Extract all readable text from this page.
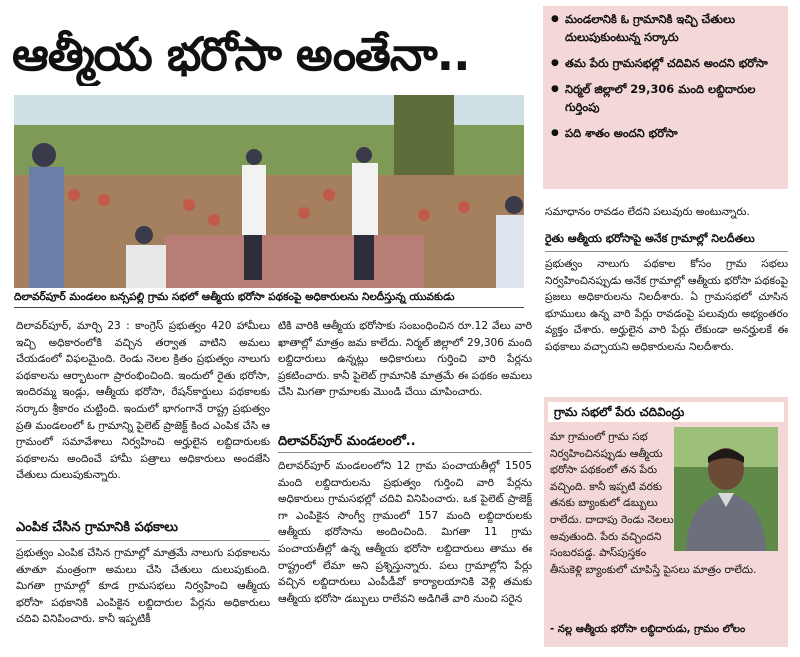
ఆత్మీయ భరోసా అంతేనా..
దిలావర్‌పూర్ మండలం బన్సపల్లి గ్రామ సభలో ఆత్మీయ భరోసా పథకంపై అధికారులను నిలదీస్తున్న యువకుడు

దిలావర్‌పూర్, మార్చి 23 : కాంగ్రెస్ ప్రభుత్వం 420 హామీలు ఇచ్చి అధికారంలోకి వచ్చిన తర్వాత వాటిని అమలు చేయడంలో విఫలమైంది. రెండు నెలల క్రితం ప్రభుత్వం నాలుగు పథకాలను ఆర్భాటంగా ప్రారంభించింది. ఇందులో రైతు భరోసా, ఇందిరమ్మ ఇండ్లు, ఆత్మీయ భరోసా, రేషన్‌కార్డులు పథకాలకు సర్కారు శ్రీకారం చుట్టింది. ఇందులో భాగంగానే రాష్ట్ర ప్రభుత్వం ప్రతి మండలంలో ఓ గ్రామాన్ని పైలెట్ ప్రాజెక్ట్ కింద ఎంపిక చేసి ఆ గ్రామంలో సమావేశాలు నిర్వహించి అర్హులైన లబ్దిదారులకు పథకాలను అందించే హామీ పత్రాలు అధికారులు అందజేసి చేతులు దులుపుకున్నారు.

ఎంపిక చేసిన గ్రామానికి పథకాలు

ప్రభుత్వం ఎంపిక చేసిన గ్రామాల్లో మాత్రమే నాలుగు పథకాలను తూతూ మంత్రంగా అమలు చేసి చేతులు దులుపుకుంది. మిగతా గ్రామాల్లో కూడ గ్రామసభలు నిర్వహించి ఆత్మీయ భరోసా పథకానికి ఎంపికైన లబ్దిదారుల పేర్లను అధికారులు చదివి వినిపించారు. కానీ ఇప్పటికీ

టికి వారికి ఆత్మీయ భరోసాకు సంబంధించిన రూ.12 వేలు వారి ఖాతాల్లో మాత్రం జమ కాలేదు. నిర్మల్ జిల్లాలో 29,306 మంది లబ్దిదారులు ఉన్నట్లు అధికారులు గుర్తించి వారి పేర్లను ప్రకటించారు. కానీ పైలెట్ గ్రామానికి మాత్రమే ఈ పథకం అమలు చేసి మిగతా గ్రామాలకు మొండి చేయి చూపించారు.

దిలావర్‌పూర్ మండలంలో..

దిలావర్‌పూర్ మండలంలోని 12 గ్రామ పంచాయతీల్లో 1505 మంది లబ్దిదారులను ప్రభుత్వం గుర్తించి వారి పేర్లను అధికారులు గ్రామసభల్లో చదివి వినిపించారు. ఒక పైలెట్ ప్రాజెక్ట్ గా ఎంపికైన సాంగ్వీ గ్రామంలో 157 మంది లబ్దిదారులకు ఆత్మీయ భరోసాను అందించింది. మిగతా 11 గ్రామ పంచాయతీల్లో ఉన్న ఆత్మీయ భరోసా లబ్దిదారులు తాము ఈ రాష్ట్రంలో లేమా అని ప్రశ్నిస్తున్నారు. పలు గ్రామాల్లోని పేర్లు వచ్చిన లబ్దిదారులు ఎంపీడీవో కార్యాలయానికి వెళ్లి తమకు ఆత్మీయ భరోసా డబ్బులు రాలేవని అడిగితే వారి నుంచి సరైన

● మండలానికి ఓ గ్రామానికి ఇచ్చి చేతులు దులుపుకుంటున్న సర్కారు
● తమ పేరు గ్రామసభల్లో చదివిన అందని భరోసా
● నిర్మల్ జిల్లాలో 29,306 మంది లబ్దిదారుల గుర్తింపు
● పది శాతం అందని భరోసా

సమాధానం రావడం లేదని పలువురు అంటున్నారు.

రైతు ఆత్మీయ భరోసాపై అనేక గ్రామాల్లో నిలదీతలు

ప్రభుత్వం నాలుగు పథకాల కోసం గ్రామ సభలు నిర్వహించినప్పుడు అనేక గ్రామాల్లో ఆత్మీయ భరోసా పథకంపై ప్రజలు అధికారులను నిలదీశారు. ఏ గ్రామసభలో చూసిన భూములు ఉన్న వారి పేర్లు రావడంపై పలువురు అభ్యంతరం వ్యక్తం చేశారు. అర్హులైన వారి పేర్లు లేకుండా అనర్హులకే ఈ పథకాలు వచ్చాయని అధికారులను నిలదీశారు.

గ్రామ సభలో పేరు చదివింద్రు

మా గ్రామంలో గ్రామ సభ నిర్వహించినప్పుడు ఆత్మీయ భరోసా పథకంలో తన పేరు వచ్చింది. కానీ ఇప్పటి వరకు తనకు బ్యాంకులో డబ్బులు రాలేదు. దాదాపు రెండు నెలలు అవుతుంది. పేరు వచ్చిందని సంబరపడ్డ. పాస్‌పుస్తకం తీసుకెళ్లి బ్యాంకులో చూపిస్తే పైసలు మాత్రం రాలేదు.

- నల్ల ఆత్మీయ భరోసా లబ్ధిదారుడు, గ్రామం లోలం
